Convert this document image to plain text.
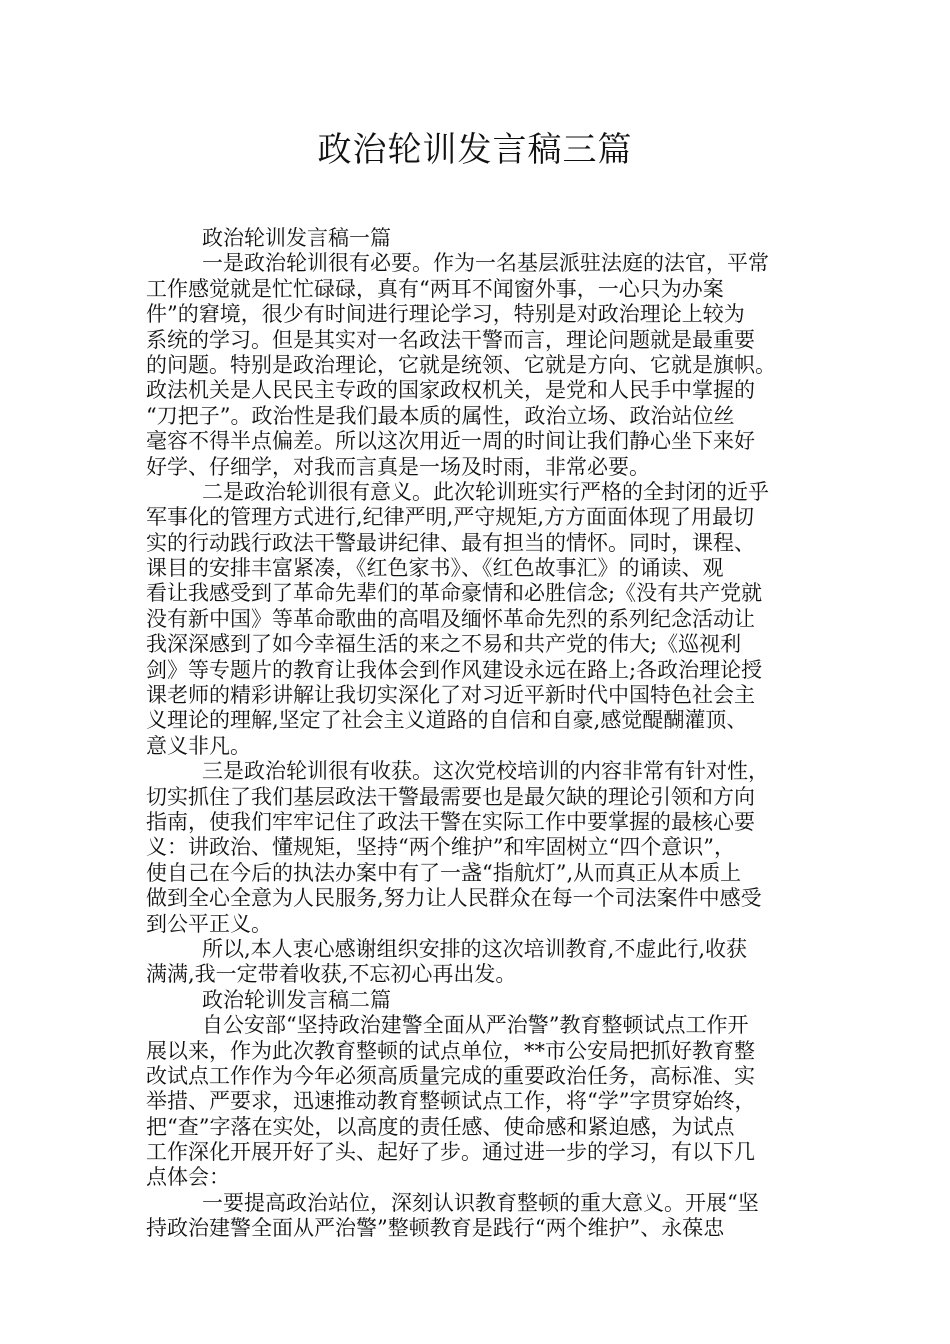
政治轮训发言稿三篇
政治轮训发言稿一篇
一是政治轮训很有必要。作为一名基层派驻法庭的法官，平常
工作感觉就是忙忙碌碌，真有“两耳不闻窗外事，一心只为办案
件”的窘境，很少有时间进行理论学习，特别是对政治理论上较为
系统的学习。但是其实对一名政法干警而言，理论问题就是最重要
的问题。特别是政治理论，它就是统领、它就是方向、它就是旗帜。
政法机关是人民民主专政的国家政权机关，是党和人民手中掌握的
“刀把子”。政治性是我们最本质的属性，政治立场、政治站位丝
毫容不得半点偏差。所以这次用近一周的时间让我们静心坐下来好
好学、仔细学，对我而言真是一场及时雨，非常必要。
二是政治轮训很有意义。此次轮训班实行严格的全封闭的近乎
军事化的管理方式进行,纪律严明,严守规矩,方方面面体现了用最切
实的行动践行政法干警最讲纪律、最有担当的情怀。同时，课程、
课目的安排丰富紧凑，《红色家书》、《红色故事汇》的诵读、观
看让我感受到了革命先辈们的革命豪情和必胜信念;《没有共产党就
没有新中国》等革命歌曲的高唱及缅怀革命先烈的系列纪念活动让
我深深感到了如今幸福生活的来之不易和共产党的伟大;《巡视利
剑》等专题片的教育让我体会到作风建设永远在路上;各政治理论授
课老师的精彩讲解让我切实深化了对习近平新时代中国特色社会主
义理论的理解,坚定了社会主义道路的自信和自豪,感觉醍醐灌顶、
意义非凡。
三是政治轮训很有收获。这次党校培训的内容非常有针对性，
切实抓住了我们基层政法干警最需要也是最欠缺的理论引领和方向
指南，使我们牢牢记住了政法干警在实际工作中要掌握的最核心要
义：讲政治、懂规矩，坚持“两个维护”和牢固树立“四个意识”，
使自己在今后的执法办案中有了一盏“指航灯”,从而真正从本质上
做到全心全意为人民服务,努力让人民群众在每一个司法案件中感受
到公平正义。
所以,本人衷心感谢组织安排的这次培训教育,不虚此行,收获
满满,我一定带着收获,不忘初心再出发。
政治轮训发言稿二篇
自公安部“坚持政治建警全面从严治警”教育整顿试点工作开
展以来，作为此次教育整顿的试点单位，**市公安局把抓好教育整
改试点工作作为今年必须高质量完成的重要政治任务，高标准、实
举措、严要求，迅速推动教育整顿试点工作，将“学”字贯穿始终，
把“查”字落在实处，以高度的责任感、使命感和紧迫感，为试点
工作深化开展开好了头、起好了步。通过进一步的学习，有以下几
点体会：
一要提高政治站位，深刻认识教育整顿的重大意义。开展“坚
持政治建警全面从严治警”整顿教育是践行“两个维护”、永葆忠
